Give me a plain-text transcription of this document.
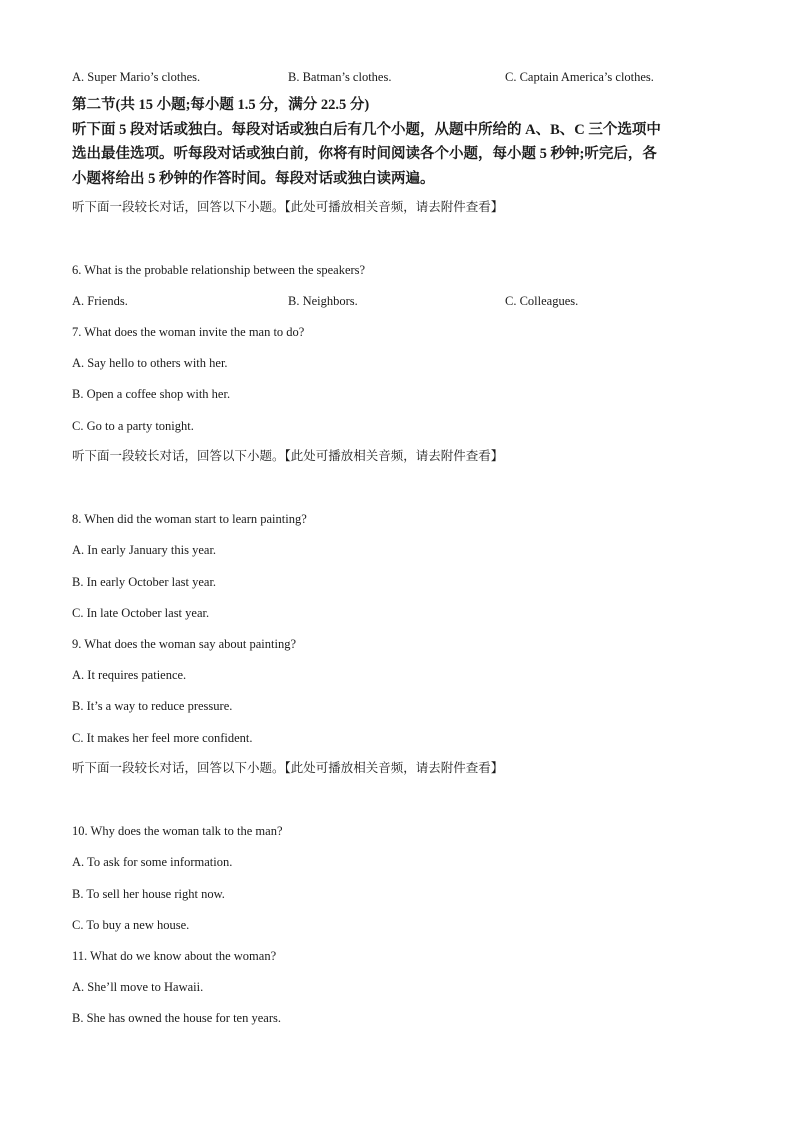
A. Super Mario’s clothes.	B. Batman’s clothes.	C. Captain America’s clothes.
第二节(共 15 小题;每小题 1.5 分，满分 22.5 分)
听下面 5 段对话或独白。每段对话或独白后有几个小题，从题中所给的 A、B、C 三个选项中
选出最佳选项。听每段对话或独白前，你将有时间阅读各个小题，每小题 5 秒钟;听完后，各
小题将给出 5 秒钟的作答时间。每段对话或独白读两遍。
听下面一段较长对话，回答以下小题。【此处可播放相关音频，请去附件查看】
6. What is the probable relationship between the speakers?
A. Friends.	B. Neighbors.	C. Colleagues.
7. What does the woman invite the man to do?
A. Say hello to others with her.
B. Open a coffee shop with her.
C. Go to a party tonight.
听下面一段较长对话，回答以下小题。【此处可播放相关音频，请去附件查看】
8. When did the woman start to learn painting?
A. In early January this year.
B. In early October last year.
C. In late October last year.
9. What does the woman say about painting?
A. It requires patience.
B. It’s a way to reduce pressure.
C. It makes her feel more confident.
听下面一段较长对话，回答以下小题。【此处可播放相关音频，请去附件查看】
10. Why does the woman talk to the man?
A. To ask for some information.
B. To sell her house right now.
C. To buy a new house.
11. What do we know about the woman?
A. She’ll move to Hawaii.
B. She has owned the house for ten years.
